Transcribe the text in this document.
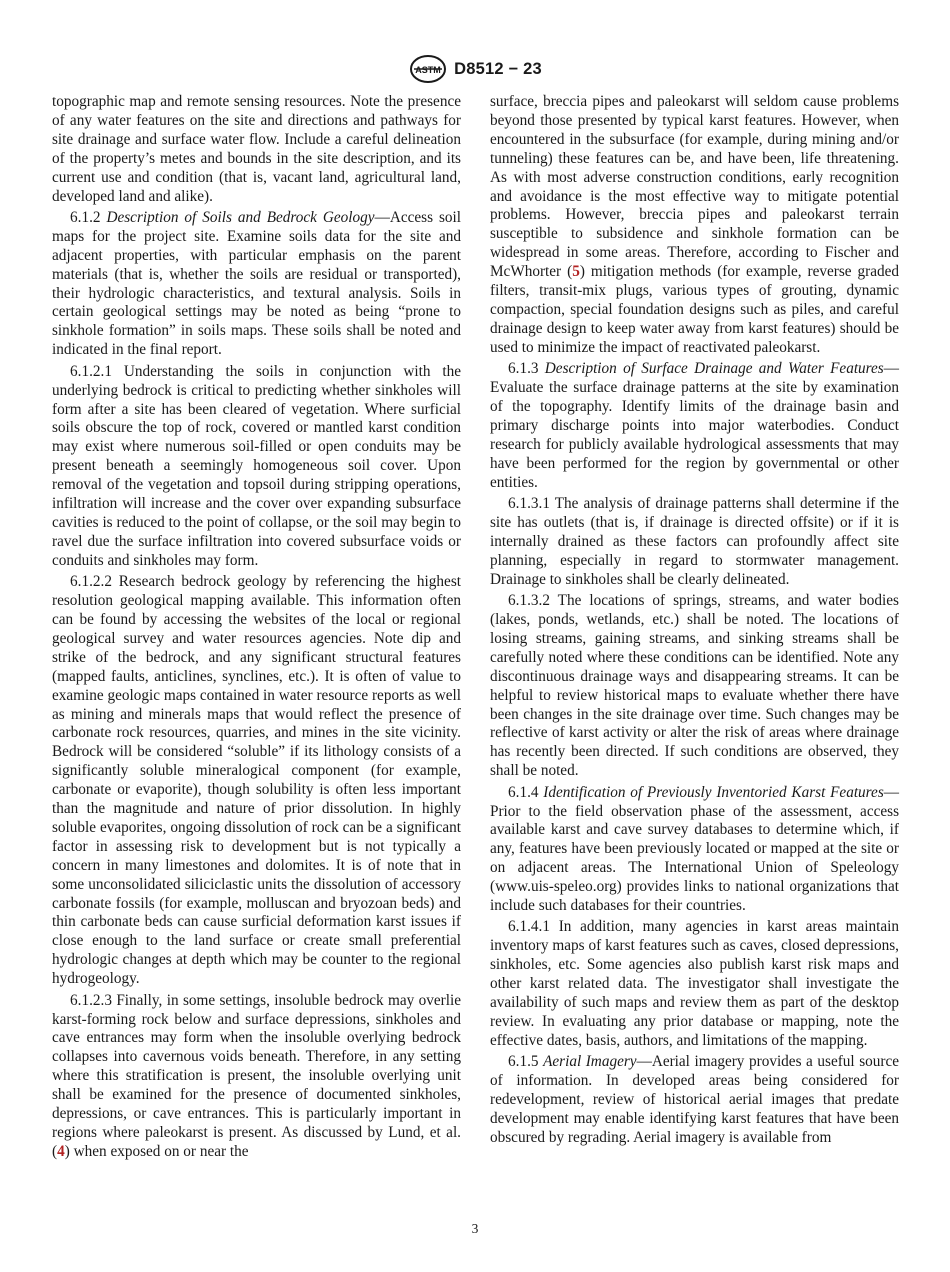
ASTM D8512 − 23

topographic map and remote sensing resources. Note the presence of any water features on the site and directions and pathways for site drainage and surface water flow. Include a careful delineation of the property’s metes and bounds in the site description, and its current use and condition (that is, vacant land, agricultural land, developed land and alike).

6.1.2 Description of Soils and Bedrock Geology—Access soil maps for the project site. Examine soils data for the site and adjacent properties, with particular emphasis on the parent materials (that is, whether the soils are residual or transported), their hydrologic characteristics, and textural analysis. Soils in certain geological settings may be noted as being “prone to sinkhole formation” in soils maps. These soils shall be noted and indicated in the final report.

6.1.2.1 Understanding the soils in conjunction with the underlying bedrock is critical to predicting whether sinkholes will form after a site has been cleared of vegetation. Where surficial soils obscure the top of rock, covered or mantled karst condition may exist where numerous soil-filled or open conduits may be present beneath a seemingly homogeneous soil cover. Upon removal of the vegetation and topsoil during stripping operations, infiltration will increase and the cover over expanding subsurface cavities is reduced to the point of collapse, or the soil may begin to ravel due the surface infiltration into covered subsurface voids or conduits and sinkholes may form.

6.1.2.2 Research bedrock geology by referencing the highest resolution geological mapping available. This information often can be found by accessing the websites of the local or regional geological survey and water resources agencies. Note dip and strike of the bedrock, and any significant structural features (mapped faults, anticlines, synclines, etc.). It is often of value to examine geologic maps contained in water resource reports as well as mining and minerals maps that would reflect the presence of carbonate rock resources, quarries, and mines in the site vicinity. Bedrock will be considered “soluble” if its lithology consists of a significantly soluble mineralogical component (for example, carbonate or evaporite), though solubility is often less important than the magnitude and nature of prior dissolution. In highly soluble evaporites, ongoing dissolution of rock can be a significant factor in assessing risk to development but is not typically a concern in many limestones and dolomites. It is of note that in some unconsolidated siliciclastic units the dissolution of accessory carbonate fossils (for example, molluscan and bryozoan beds) and thin carbonate beds can cause surficial deformation karst issues if close enough to the land surface or create small preferential hydrologic changes at depth which may be counter to the regional hydrogeology.

6.1.2.3 Finally, in some settings, insoluble bedrock may overlie karst-forming rock below and surface depressions, sinkholes and cave entrances may form when the insoluble overlying bedrock collapses into cavernous voids beneath. Therefore, in any setting where this stratification is present, the insoluble overlying unit shall be examined for the presence of documented sinkholes, depressions, or cave entrances. This is particularly important in regions where paleokarst is present. As discussed by Lund, et al. (4) when exposed on or near the

surface, breccia pipes and paleokarst will seldom cause problems beyond those presented by typical karst features. However, when encountered in the subsurface (for example, during mining and/or tunneling) these features can be, and have been, life threatening. As with most adverse construction conditions, early recognition and avoidance is the most effective way to mitigate potential problems. However, breccia pipes and paleokarst terrain susceptible to subsidence and sinkhole formation can be widespread in some areas. Therefore, according to Fischer and McWhorter (5) mitigation methods (for example, reverse graded filters, transit-mix plugs, various types of grouting, dynamic compaction, special foundation designs such as piles, and careful drainage design to keep water away from karst features) should be used to minimize the impact of reactivated paleokarst.

6.1.3 Description of Surface Drainage and Water Features—Evaluate the surface drainage patterns at the site by examination of the topography. Identify limits of the drainage basin and primary discharge points into major waterbodies. Conduct research for publicly available hydrological assessments that may have been performed for the region by governmental or other entities.

6.1.3.1 The analysis of drainage patterns shall determine if the site has outlets (that is, if drainage is directed offsite) or if it is internally drained as these factors can profoundly affect site planning, especially in regard to stormwater management. Drainage to sinkholes shall be clearly delineated.

6.1.3.2 The locations of springs, streams, and water bodies (lakes, ponds, wetlands, etc.) shall be noted. The locations of losing streams, gaining streams, and sinking streams shall be carefully noted where these conditions can be identified. Note any discontinuous drainage ways and disappearing streams. It can be helpful to review historical maps to evaluate whether there have been changes in the site drainage over time. Such changes may be reflective of karst activity or alter the risk of areas where drainage has recently been directed. If such conditions are observed, they shall be noted.

6.1.4 Identification of Previously Inventoried Karst Features—Prior to the field observation phase of the assessment, access available karst and cave survey databases to determine which, if any, features have been previously located or mapped at the site or on adjacent areas. The International Union of Speleology (www.uis-speleo.org) provides links to national organizations that include such databases for their countries.

6.1.4.1 In addition, many agencies in karst areas maintain inventory maps of karst features such as caves, closed depressions, sinkholes, etc. Some agencies also publish karst risk maps and other karst related data. The investigator shall investigate the availability of such maps and review them as part of the desktop review. In evaluating any prior database or mapping, note the effective dates, basis, authors, and limitations of the mapping.

6.1.5 Aerial Imagery—Aerial imagery provides a useful source of information. In developed areas being considered for redevelopment, review of historical aerial images that predate development may enable identifying karst features that have been obscured by regrading. Aerial imagery is available from

3
